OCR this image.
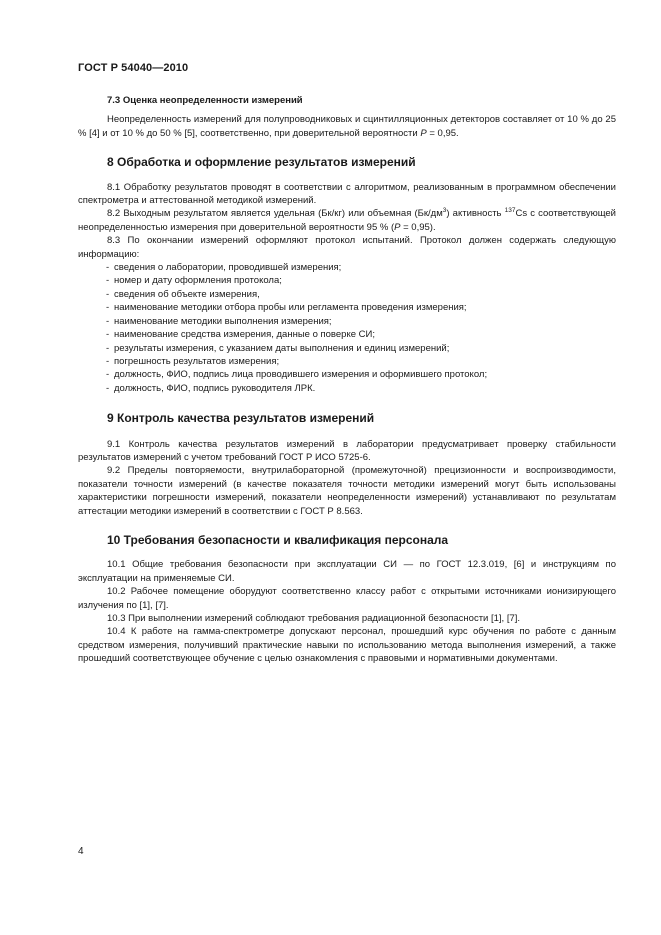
ГОСТ Р 54040—2010
7.3 Оценка неопределенности измерений

Неопределенность измерений для полупроводниковых и сцинтилляционных детекторов составляет от 10 % до 25 % [4] и от 10 % до 50 % [5], соответственно, при доверительной вероятности Р = 0,95.

8 Обработка и оформление результатов измерений

8.1 Обработку результатов проводят в соответствии с алгоритмом, реализованным в программном обеспечении спектрометра и аттестованной методикой измерений.

8.2 Выходным результатом является удельная (Бк/кг) или объемная $(Бк/дм^3)$ активность $^{137}$Cs с соответствующей неопределенностью измерения при доверительной вероятности 95 % (Р = 0,95).

8.3 По окончании измерений оформляют протокол испытаний. Протокол должен содержать следующую информацию:

- сведения о лаборатории, проводившей измерения;
- номер и дату оформления протокола;
- сведения об объекте измерения,
- наименование методики отбора пробы или регламента проведения измерения;
- наименование методики выполнения измерения;
- наименование средства измерения, данные о поверке СИ;
- результаты измерения, с указанием даты выполнения и единиц измерений;
- погрешность результатов измерения;
- должность, ФИО, подпись лица проводившего измерения и оформившего протокол;
- должность, ФИО, подпись руководителя ЛРК.
9 Контроль качества результатов измерений

9.1 Контроль качества результатов измерений в лаборатории предусматривает проверку стабильности результатов измерений с учетом требований ГОСТ Р ИСО 5725-6.

9.2 Пределы повторяемости, внутрилабораторной (промежуточной) прецизионности и воспроизводимости, показатели точности измерений (в качестве показателя точности методики измерений могут быть использованы характеристики погрешности измерений, показатели неопределенности измерений) устанавливают по результатам аттестации методики измерений в соответствии с ГОСТ Р 8.563.

10 Требования безопасности и квалификация персонала

10.1 Общие требования безопасности при эксплуатации СИ — по ГОСТ 12.3.019, [6] и инструкциям по эксплуатации на применяемые СИ.

10.2 Рабочее помещение оборудуют соответственно классу работ с открытыми источниками ионизирующего излучения по [1], [7].

10.3 При выполнении измерений соблюдают требования радиационной безопасности [1], [7].

10.4 К работе на гамма-спектрометре допускают персонал, прошедший курс обучения по работе с данным средством измерения, получивший практические навыки по использованию метода выполнения измерений, а также прошедший соответствующее обучение с целью ознакомления с правовыми и нормативными документами.

4
